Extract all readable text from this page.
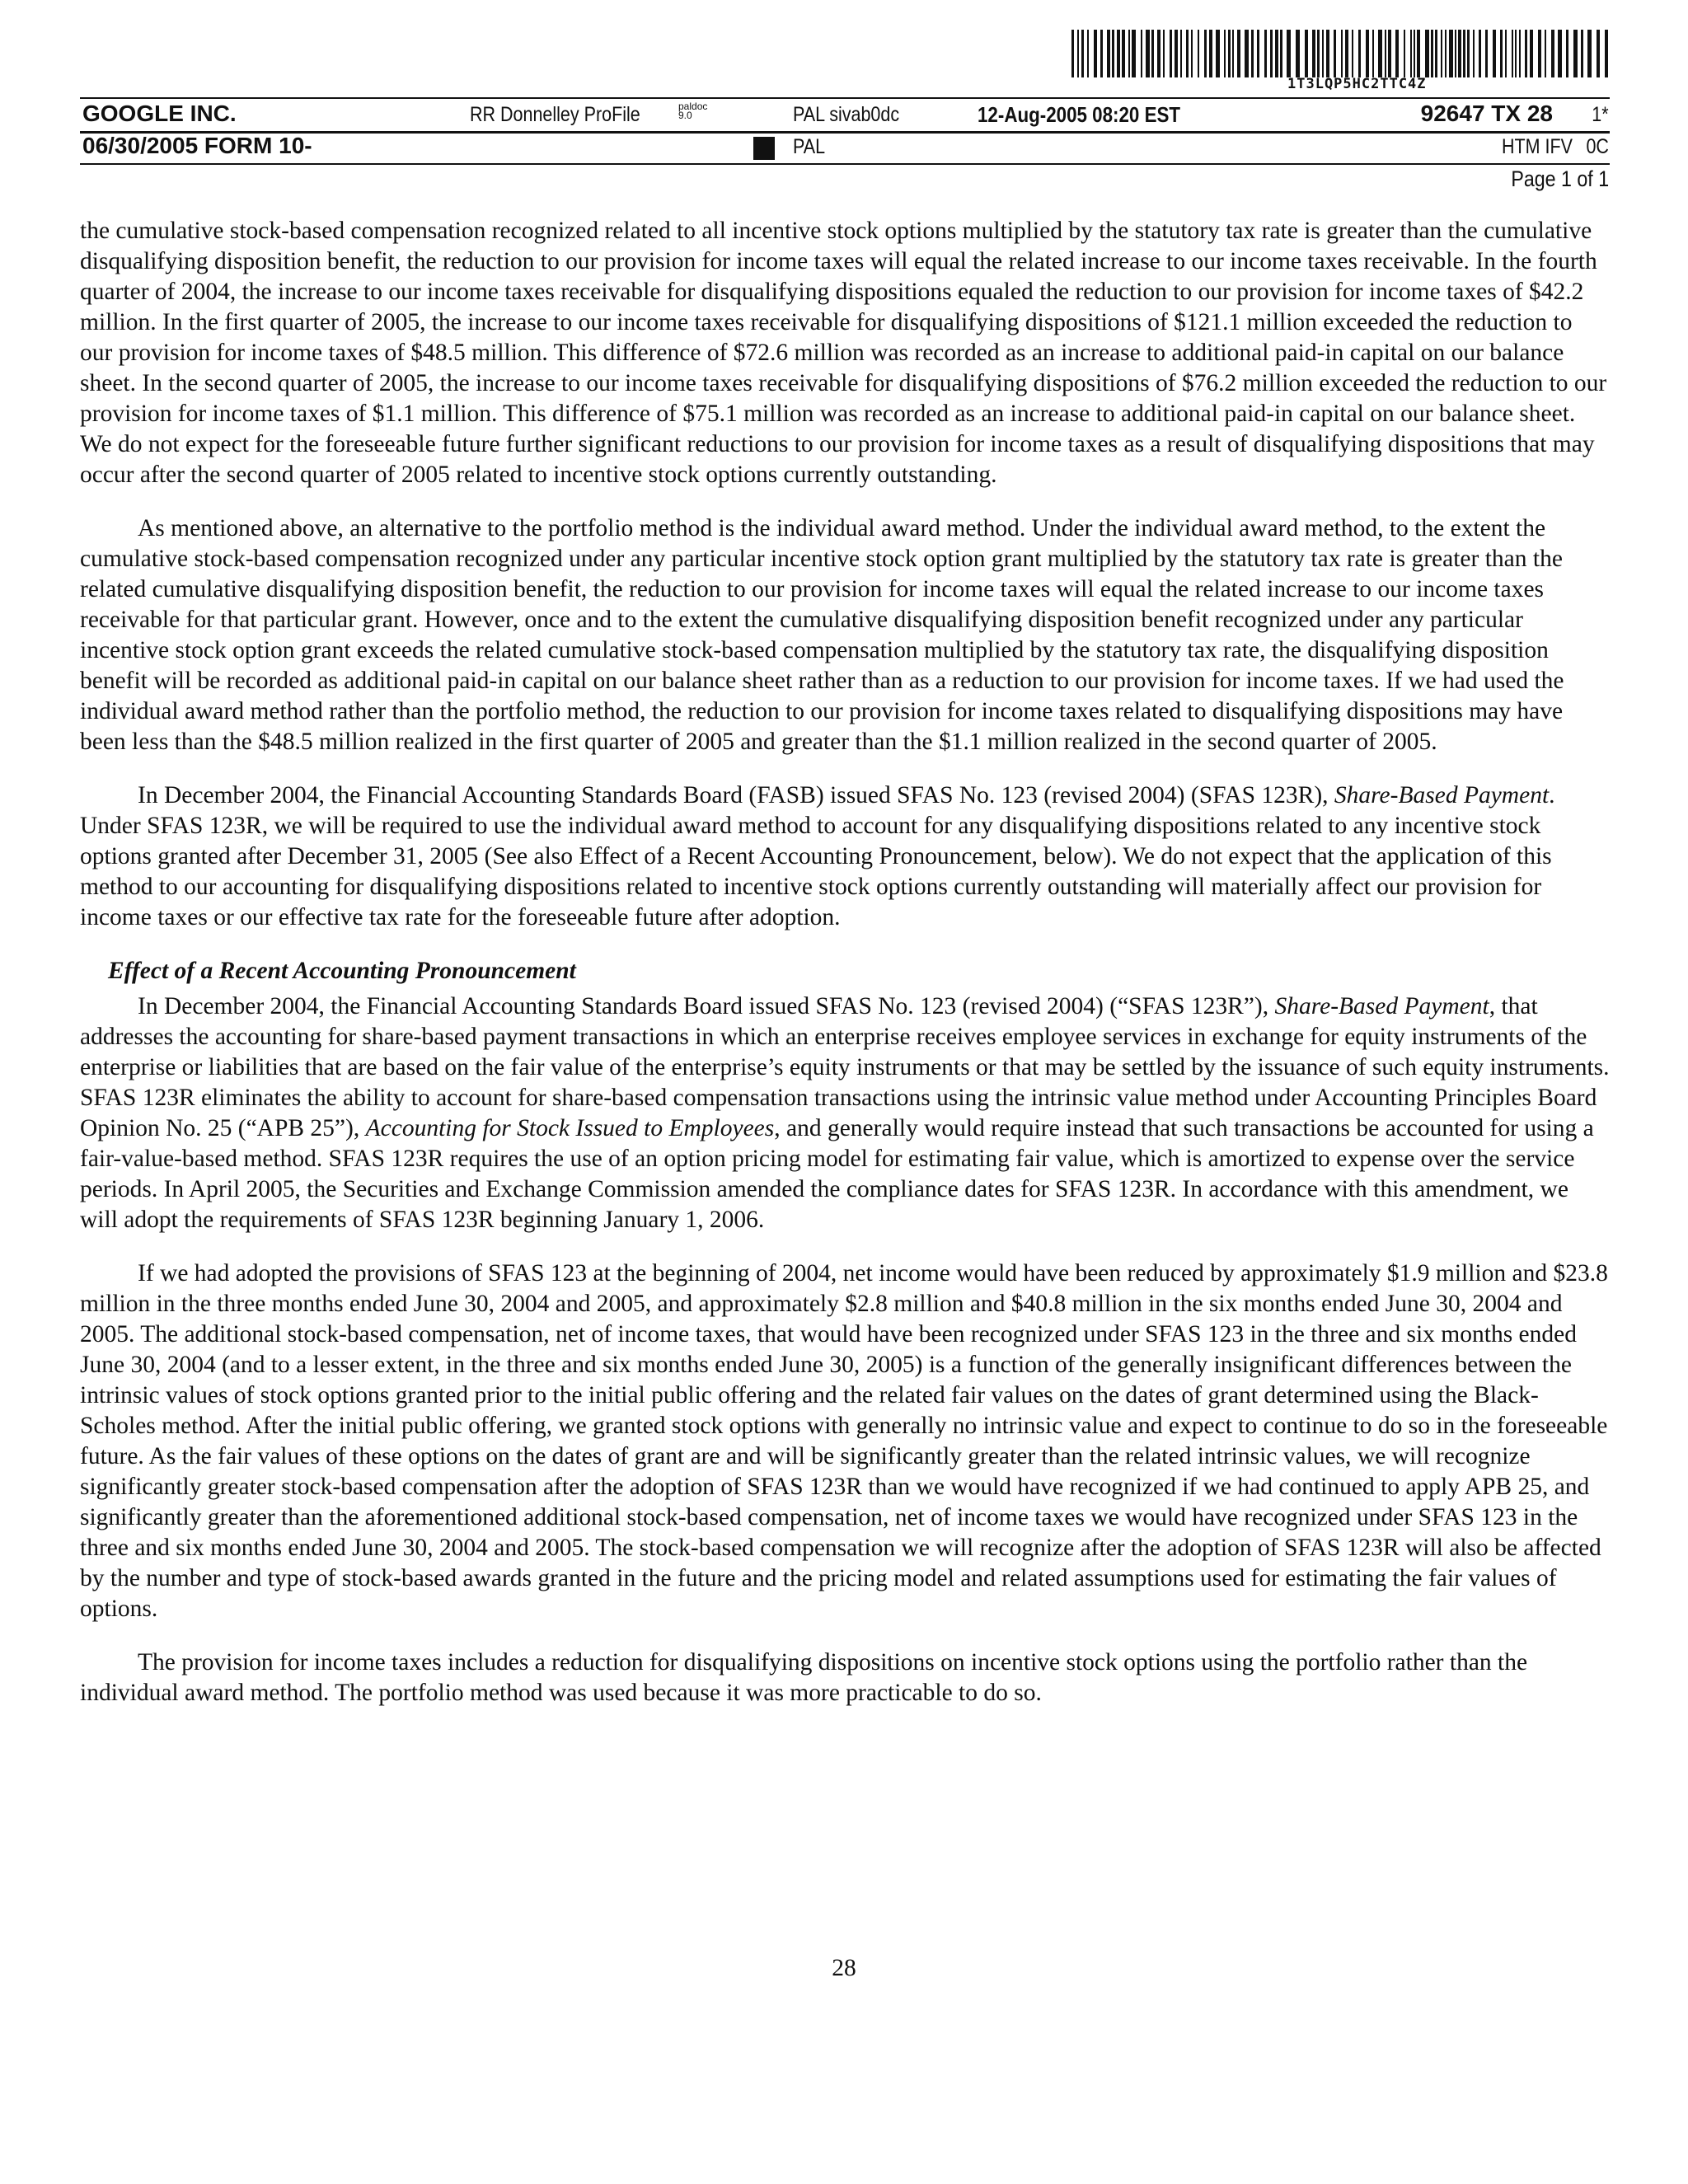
1T3LQP5HC2TTC4Z
GOOGLE INC.	RR Donnelley ProFile	paldoc
9.0	PAL sivab0dc	12-Aug-2005 08:20 EST	92647 TX 28 1*
06/30/2005 FORM 10-	PAL	HTM IFV 0C
Page 1 of 1

the cumulative stock-based compensation recognized related to all incentive stock options multiplied by the statutory tax rate is greater than the cumulative disqualifying disposition benefit, the reduction to our provision for income taxes will equal the related increase to our income taxes receivable. In the fourth quarter of 2004, the increase to our income taxes receivable for disqualifying dispositions equaled the reduction to our provision for income taxes of $42.2 million. In the first quarter of 2005, the increase to our income taxes receivable for disqualifying dispositions of $121.1 million exceeded the reduction to our provision for income taxes of $48.5 million. This difference of $72.6 million was recorded as an increase to additional paid-in capital on our balance sheet. In the second quarter of 2005, the increase to our income taxes receivable for disqualifying dispositions of $76.2 million exceeded the reduction to our provision for income taxes of $1.1 million. This difference of $75.1 million was recorded as an increase to additional paid-in capital on our balance sheet. We do not expect for the foreseeable future further significant reductions to our provision for income taxes as a result of disqualifying dispositions that may occur after the second quarter of 2005 related to incentive stock options currently outstanding.

As mentioned above, an alternative to the portfolio method is the individual award method. Under the individual award method, to the extent the cumulative stock-based compensation recognized under any particular incentive stock option grant multiplied by the statutory tax rate is greater than the related cumulative disqualifying disposition benefit, the reduction to our provision for income taxes will equal the related increase to our income taxes receivable for that particular grant. However, once and to the extent the cumulative disqualifying disposition benefit recognized under any particular incentive stock option grant exceeds the related cumulative stock-based compensation multiplied by the statutory tax rate, the disqualifying disposition benefit will be recorded as additional paid-in capital on our balance sheet rather than as a reduction to our provision for income taxes. If we had used the individual award method rather than the portfolio method, the reduction to our provision for income taxes related to disqualifying dispositions may have been less than the $48.5 million realized in the first quarter of 2005 and greater than the $1.1 million realized in the second quarter of 2005.

In December 2004, the Financial Accounting Standards Board (FASB) issued SFAS No. 123 (revised 2004) (SFAS 123R), Share-Based Payment. Under SFAS 123R, we will be required to use the individual award method to account for any disqualifying dispositions related to any incentive stock options granted after December 31, 2005 (See also Effect of a Recent Accounting Pronouncement, below). We do not expect that the application of this method to our accounting for disqualifying dispositions related to incentive stock options currently outstanding will materially affect our provision for income taxes or our effective tax rate for the foreseeable future after adoption.

Effect of a Recent Accounting Pronouncement

In December 2004, the Financial Accounting Standards Board issued SFAS No. 123 (revised 2004) (“SFAS 123R”), Share-Based Payment, that addresses the accounting for share-based payment transactions in which an enterprise receives employee services in exchange for equity instruments of the enterprise or liabilities that are based on the fair value of the enterprise’s equity instruments or that may be settled by the issuance of such equity instruments. SFAS 123R eliminates the ability to account for share-based compensation transactions using the intrinsic value method under Accounting Principles Board Opinion No. 25 (“APB 25”), Accounting for Stock Issued to Employees, and generally would require instead that such transactions be accounted for using a fair-value-based method. SFAS 123R requires the use of an option pricing model for estimating fair value, which is amortized to expense over the service periods. In April 2005, the Securities and Exchange Commission amended the compliance dates for SFAS 123R. In accordance with this amendment, we will adopt the requirements of SFAS 123R beginning January 1, 2006.

If we had adopted the provisions of SFAS 123 at the beginning of 2004, net income would have been reduced by approximately $1.9 million and $23.8 million in the three months ended June 30, 2004 and 2005, and approximately $2.8 million and $40.8 million in the six months ended June 30, 2004 and 2005. The additional stock-based compensation, net of income taxes, that would have been recognized under SFAS 123 in the three and six months ended June 30, 2004 (and to a lesser extent, in the three and six months ended June 30, 2005) is a function of the generally insignificant differences between the intrinsic values of stock options granted prior to the initial public offering and the related fair values on the dates of grant determined using the Black-Scholes method. After the initial public offering, we granted stock options with generally no intrinsic value and expect to continue to do so in the foreseeable future. As the fair values of these options on the dates of grant are and will be significantly greater than the related intrinsic values, we will recognize significantly greater stock-based compensation after the adoption of SFAS 123R than we would have recognized if we had continued to apply APB 25, and significantly greater than the aforementioned additional stock-based compensation, net of income taxes we would have recognized under SFAS 123 in the three and six months ended June 30, 2004 and 2005. The stock-based compensation we will recognize after the adoption of SFAS 123R will also be affected by the number and type of stock-based awards granted in the future and the pricing model and related assumptions used for estimating the fair values of options.

The provision for income taxes includes a reduction for disqualifying dispositions on incentive stock options using the portfolio rather than the individual award method. The portfolio method was used because it was more practicable to do so.

28
